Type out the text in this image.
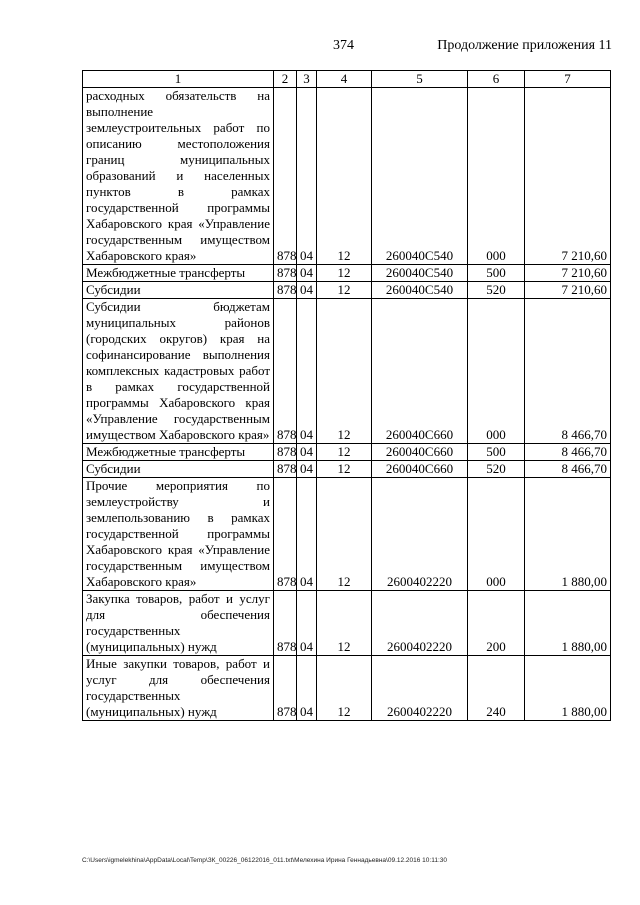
374	Продолжение приложения 11
1	2	3	4	5	6	7
расходных обязательств на выполнение землеустроительных работ по описанию местоположения границ муниципальных образований и населенных пунктов в рамках государственной программы Хабаровского края «Управление государственным имуществом Хабаровского края»	878	04	12	260040С540	000	7 210,60
Межбюджетные трансферты	878	04	12	260040С540	500	7 210,60
Субсидии	878	04	12	260040С540	520	7 210,60
Субсидии бюджетам муниципальных районов (городских округов) края на софинансирование выполнения комплексных кадастровых работ в рамках государственной программы Хабаровского края «Управление государственным имуществом Хабаровского края»	878	04	12	260040С660	000	8 466,70
Межбюджетные трансферты	878	04	12	260040С660	500	8 466,70
Субсидии	878	04	12	260040С660	520	8 466,70
Прочие мероприятия по землеустройству и землепользованию в рамках государственной программы Хабаровского края «Управление государственным имуществом Хабаровского края»	878	04	12	2600402220	000	1 880,00
Закупка товаров, работ и услуг для обеспечения государственных (муниципальных) нужд	878	04	12	2600402220	200	1 880,00
Иные закупки товаров, работ и услуг для обеспечения государственных (муниципальных) нужд	878	04	12	2600402220	240	1 880,00
C:\Users\igmelekhina\AppData\Local\Temp\ЗК_00226_06122016_011.txt\Мелехина Ирина Геннадьевна\09.12.2016 10:11:30
